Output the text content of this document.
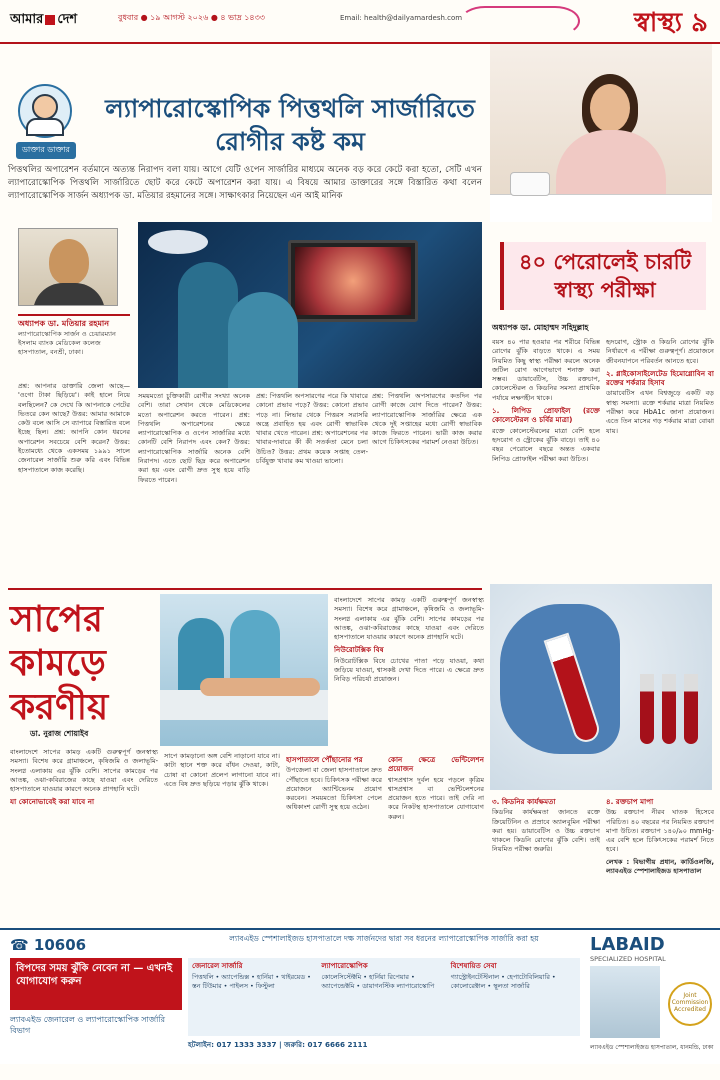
আমার দেশ	বুধবার ● ১৯ আগস্ট ২০২৬ ● ৪ ভাদ্র ১৪৩৩	Email: health@dailyamardesh.com	স্বাস্থ্য ৯
ডাক্তার ডাক্তার
ল্যাপারোস্কোপিক পিত্তথলি সার্জারিতে রোগীর কষ্ট কম
পিত্তথলির অপারেশন বর্তমানে অত্যন্ত নিরাপদ বলা যায়। আগে যেটি ওপেন সার্জারির মাধ্যমে অনেক বড় করে কেটে করা হতো, সেটি এখন ল্যাপারোস্কোপিক পিত্তথলি সার্জারিতে ছোট করে কেটে অপারেশন করা যায়। এ বিষয়ে আমার ডাক্তারের সঙ্গে বিস্তারিত কথা বলেন ল্যাপারোস্কোপিক সার্জন অধ্যাপক ডা. মতিয়ার রহমানের সঙ্গে। সাক্ষাৎকার নিয়েছেন এন আই মানিক
অধ্যাপক ডা. মতিয়ার রহমান
ল্যাপারোস্কোপিক সার্জন ও চেয়ারম্যান ইসলাম ব্যাংক মেডিকেল কলেজ হাসপাতাল, বনশ্রী, ঢাকা।
প্রশ্ন: আপনার ডাক্তারি জেলা আছে— 'ওগো টাকা ছিড়িয়ে'। কাই হালে নিয়ে বলছিলেন? কে দেখে কি আপনাকে পেটের ভিতরে কেন আছে? উত্তর: আমার আমাকে কেউ বলে আসি সে ব্যাপারে বিস্তারিত বলে ইচ্ছে ছিল। প্রশ্ন: আপনি কোন ধরনের অপারেশন সবচেয়ে বেশি করেন? উত্তর: ইতোমধ্যে থেকে একসময় ১৯৯১ সালে জেনারেল সার্জারি শুরু করি এবং বিভিন্ন হাসপাতালে কাজ করেছি।
সময়মতো চুক্তিকারী রোগীর সংখ্যা অনেক বেশি। তারা সেখান থেকে মেডিকেলের মতো অপারেশন করতে পারেন। প্রশ্ন: পিত্তথলি অপারেশনের ক্ষেত্রে ল্যাপারোস্কোপিক ও ওপেন সার্জারির মধ্যে কোনটি বেশি নিরাপদ এবং কেন? উত্তর: ল্যাপারোস্কোপিক সার্জারি অনেক বেশি নিরাপদ। এতে ছোট ছিদ্র করে অপারেশন করা হয় এবং রোগী দ্রুত সুস্থ হয়ে বাড়ি ফিরতে পারেন।
প্রশ্ন: পিত্তথলি অপসারণের পরে কি খাবারে কোনো প্রভাব পড়ে? উত্তর: কোনো প্রভাব পড়ে না। লিভার থেকে পিত্তরস সরাসরি অন্ত্রে প্রবাহিত হয় এবং রোগী স্বাভাবিক খাবার খেতে পারেন। প্রশ্ন: অপারেশনের পর খাবার-দাবারে কী কী সতর্কতা মেনে চলা উচিত? উত্তর: প্রথম কয়েক সপ্তাহ তেল-চর্বিযুক্ত খাবার কম খাওয়া ভালো।
প্রশ্ন: পিত্তথলি অপসারণের কতদিন পর রোগী কাজে যোগ দিতে পারেন? উত্তর: ল্যাপারোস্কোপিক সার্জারির ক্ষেত্রে এক থেকে দুই সপ্তাহের মধ্যে রোগী স্বাভাবিক কাজে ফিরতে পারেন। ভারী কাজ করার আগে চিকিৎসকের পরামর্শ নেওয়া উচিত।
৪০ পেরোলেই চারটি স্বাস্থ্য পরীক্ষা
অধ্যাপক ডা. মোহাম্মদ সহিদুল্লাহ

বয়স ৪০ পার হওয়ার পর শরীরে বিভিন্ন রোগের ঝুঁকি বাড়তে থাকে। এ সময় নিয়মিত কিছু স্বাস্থ্য পরীক্ষা করলে অনেক জটিল রোগ আগেভাগে শনাক্ত করা সম্ভব। ডায়াবেটিস, উচ্চ রক্তচাপ, কোলেস্টেরল ও কিডনির সমস্যা প্রাথমিক পর্যায়ে লক্ষণহীন থাকে।

১. লিপিড প্রোফাইল (রক্তে কোলেস্টেরল ও চর্বির মাত্রা)

রক্তে কোলেস্টেরলের মাত্রা বেশি হলে হৃদরোগ ও স্ট্রোকের ঝুঁকি বাড়ে। তাই ৪০ বছর পেরোলে বছরে অন্তত একবার লিপিড প্রোফাইল পরীক্ষা করা উচিত।

হৃদরোগ, স্ট্রোক ও কিডনি রোগের ঝুঁকি নির্ধারণে এ পরীক্ষা গুরুত্বপূর্ণ। প্রয়োজনে জীবনযাপনে পরিবর্তন আনতে হবে।

২. গ্লাইকোসাইলেটেড হিমোগ্লোবিন বা রক্তের শর্করার হিসাব

ডায়াবেটিস এখন বিশ্বজুড়ে একটি বড় স্বাস্থ্য সমস্যা। রক্তে শর্করার মাত্রা নিয়মিত পরীক্ষা করে HbA1c জানা প্রয়োজন। এতে তিন মাসের গড় শর্করার মাত্রা বোঝা যায়।

সাপের কামড়ে করণীয়
ডা. নুরাজ শোয়াইব

বাংলাদেশে সাপের কামড় একটি গুরুত্বপূর্ণ জনস্বাস্থ্য সমস্যা। বিশেষ করে গ্রামাঞ্চলে, কৃষিজমি ও জলাভূমি-সংলগ্ন এলাকায় এর ঝুঁকি বেশি। সাপের কামড়ের পর আতঙ্ক, ওঝা-কবিরাজের কাছে যাওয়া এবং দেরিতে হাসপাতালে যাওয়ার কারণে অনেক প্রাণহানি ঘটে।

নিউরোটক্সিক বিষ

নিউরোটক্সিক বিষে চোখের পাতা পড়ে যাওয়া, কথা জড়িয়ে যাওয়া, শ্বাসকষ্ট দেখা দিতে পারে। এ ক্ষেত্রে দ্রুত নিবিড় পরিচর্যা প্রয়োজন।

বাংলাদেশে সাপের কামড় একটি গুরুত্বপূর্ণ জনস্বাস্থ্য সমস্যা। বিশেষ করে গ্রামাঞ্চলে, কৃষিজমি ও জলাভূমি-সংলগ্ন এলাকায় এর ঝুঁকি বেশি। সাপের কামড়ের পর আতঙ্ক, ওঝা-কবিরাজের কাছে যাওয়া এবং দেরিতে হাসপাতালে যাওয়ার কারণে অনেক প্রাণহানি ঘটে।

যা কোনোভাবেই করা যাবে না

সাপে কামড়ানো অঙ্গ বেশি নাড়ানো যাবে না। কাটা স্থানে শক্ত করে বাঁধন দেওয়া, কাটা, চোষা বা কোনো প্রলেপ লাগানো যাবে না। এতে বিষ দ্রুত ছড়িয়ে পড়ার ঝুঁকি থাকে।

হাসপাতালে পৌঁছানোর পর

উপজেলা বা জেলা হাসপাতালে দ্রুত পৌঁছাতে হবে। চিকিৎসক পরীক্ষা করে প্রয়োজনে অ্যান্টিভেনম প্রয়োগ করবেন। সময়মতো চিকিৎসা পেলে অধিকাংশ রোগী সুস্থ হয়ে ওঠেন।

কোন ক্ষেত্রে ভেন্টিলেশন প্রয়োজন

শ্বাসপ্রশ্বাস দুর্বল হয়ে পড়লে কৃত্রিম শ্বাসপ্রশ্বাস বা ভেন্টিলেশনের প্রয়োজন হতে পারে। তাই দেরি না করে নিকটস্থ হাসপাতালে যোগাযোগ করুন।

৩. কিডনির কার্যক্ষমতা

কিডনির কার্যক্ষমতা জানতে রক্তে ক্রিয়েটিনিন ও প্রস্রাবে অ্যালবুমিন পরীক্ষা করা হয়। ডায়াবেটিস ও উচ্চ রক্তচাপ থাকলে কিডনি রোগের ঝুঁকি বেশি। তাই নিয়মিত পরীক্ষা জরুরি।

৪. রক্তচাপ মাপা

উচ্চ রক্তচাপ নীরব ঘাতক হিসেবে পরিচিত। ৪০ বছরের পর নিয়মিত রক্তচাপ মাপা উচিত। রক্তচাপ ১৪০/৯০ mmHg-এর বেশি হলে চিকিৎসকের পরামর্শ নিতে হবে।

লেখক : বিভাগীয় প্রধান, কার্ডিওলজি, ল্যাবএইড স্পেশালাইজড হাসপাতাল

☎ 10606
বিপদের সময় ঝুঁকি নেবেন না — এখনই যোগাযোগ করুন
ল্যাবএইড জেনারেল ও ল্যাপারোস্কোপিক সার্জারি বিভাগ
ল্যাবএইড স্পেশালাইজড হাসপাতালে দক্ষ সার্জনদের দ্বারা সব ধরনের ল্যাপারোস্কোপিক সার্জারি করা হয়
জেনারেল সার্জারি
পিত্তথলি • অ্যাপেন্ডিক্স • হার্নিয়া • থাইরয়েড • স্তন টিউমার • পাইলস • ফিস্টুলা
ল্যাপারোস্কোপিক
কোলেসিস্টেক্টমি • হার্নিয়া রিপেয়ার • অ্যাপেন্ডেক্টমি • ডায়াগনস্টিক ল্যাপারোস্কোপি
বিশেষায়িত সেবা
গ্যাস্ট্রোইনটেস্টিনাল • হেপাটোবিলিয়ারি • কোলোরেক্টাল • স্থূলতা সার্জারি
হটলাইন: 017 1333 3337 | জরুরি: 017 6666 2111
LABAID
SPECIALIZED HOSPITAL
Joint Commission Accredited
ল্যাবএইড স্পেশালাইজড হাসপাতাল, ধানমন্ডি, ঢাকা
